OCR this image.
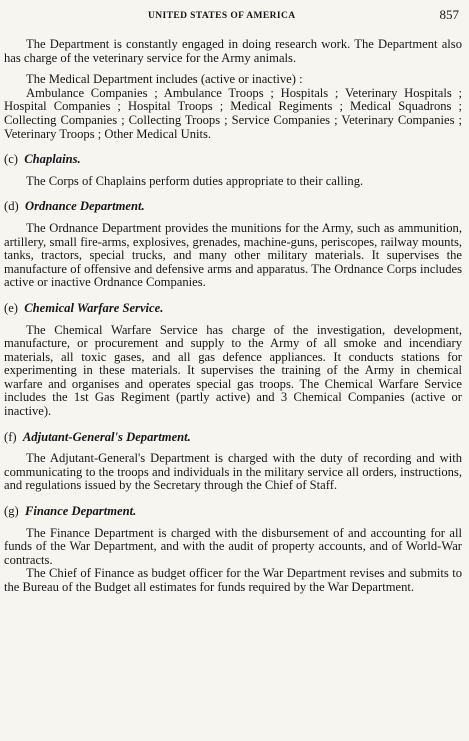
UNITED STATES OF AMERICA	857

The Department is constantly engaged in doing research work. The Department also has charge of the veterinary service for the Army animals.

The Medical Department includes (active or inactive) :

Ambulance Companies ; Ambulance Troops ; Hospitals ; Veterinary Hospitals ; Hospital Companies ; Hospital Troops ; Medical Regiments ; Medical Squadrons ; Collecting Companies ; Collecting Troops ; Service Companies ; Veterinary Companies ; Veterinary Troops ; Other Medical Units.

(c) Chaplains.

The Corps of Chaplains perform duties appropriate to their calling.

(d) Ordnance Department.

The Ordnance Department provides the munitions for the Army, such as ammunition, artillery, small fire-arms, explosives, grenades, machine-guns, periscopes, railway mounts, tanks, tractors, special trucks, and many other military materials. It supervises the manufacture of offensive and defensive arms and apparatus. The Ordnance Corps includes active or inactive Ordnance Companies.

(e) Chemical Warfare Service.

The Chemical Warfare Service has charge of the investigation, development, manufacture, or procurement and supply to the Army of all smoke and incendiary materials, all toxic gases, and all gas defence appliances. It conducts stations for experimenting in these materials. It supervises the training of the Army in chemical warfare and organises and operates special gas troops. The Chemical Warfare Service includes the 1st Gas Regiment (partly active) and 3 Chemical Companies (active or inactive).

(f) Adjutant-General's Department.

The Adjutant-General's Department is charged with the duty of recording and with communicating to the troops and individuals in the military service all orders, instructions, and regulations issued by the Secretary through the Chief of Staff.

(g) Finance Department.

The Finance Department is charged with the disbursement of and accounting for all funds of the War Department, and with the audit of property accounts, and of World-War contracts.

The Chief of Finance as budget officer for the War Department revises and submits to the Bureau of the Budget all estimates for funds required by the War Department.
